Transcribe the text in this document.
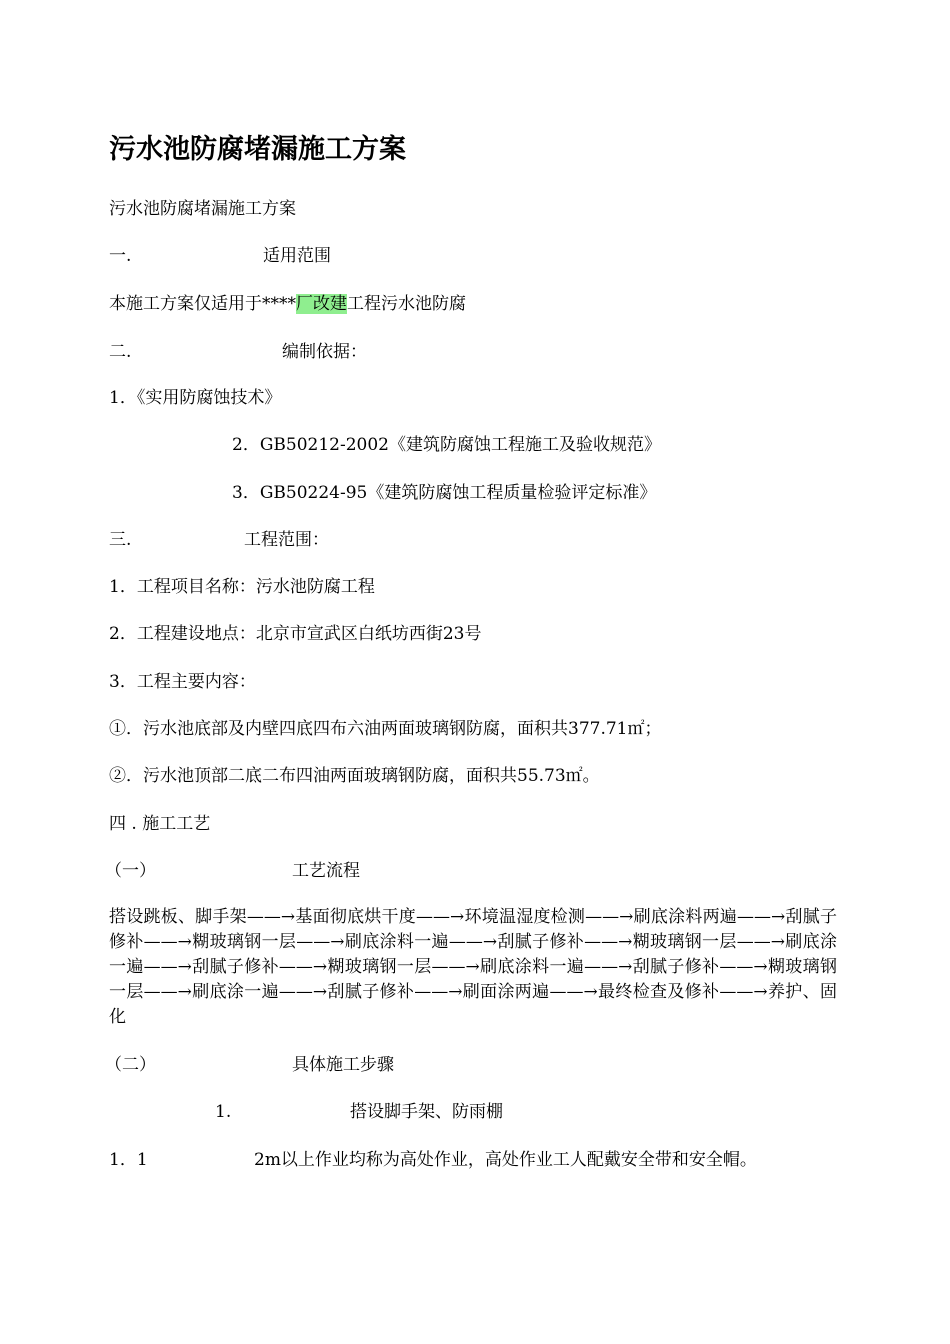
污水池防腐堵漏施工方案
污水池防腐堵漏施工方案
一.	适用范围
本施工方案仅适用于****厂改建工程污水池防腐
二.	编制依据：
1．《实用防腐蚀技术》
2．GB50212-2002《建筑防腐蚀工程施工及验收规范》
3．GB50224-95《建筑防腐蚀工程质量检验评定标准》
三.	工程范围：
1．工程项目名称：污水池防腐工程
2．工程建设地点：北京市宣武区白纸坊西街23号
3．工程主要内容：
①．污水池底部及内壁四底四布六油两面玻璃钢防腐，面积共377.71㎡；
②．污水池顶部二底二布四油两面玻璃钢防腐，面积共55.73㎡。
四 . 施工工艺
（一）	工艺流程
搭设跳板、脚手架——→基面彻底烘干度——→环境温湿度检测——→刷底涂料两遍——→刮腻子修补——→糊玻璃钢一层——→刷底涂料一遍——→刮腻子修补——→糊玻璃钢一层——→刷底涂一遍——→刮腻子修补——→糊玻璃钢一层——→刷底涂料一遍——→刮腻子修补——→糊玻璃钢一层——→刷底涂一遍——→刮腻子修补——→刷面涂两遍——→最终检查及修补——→养护、固化
（二）	具体施工步骤
1.	搭设脚手架、防雨棚
1．1	2m以上作业均称为高处作业，高处作业工人配戴安全带和安全帽。
